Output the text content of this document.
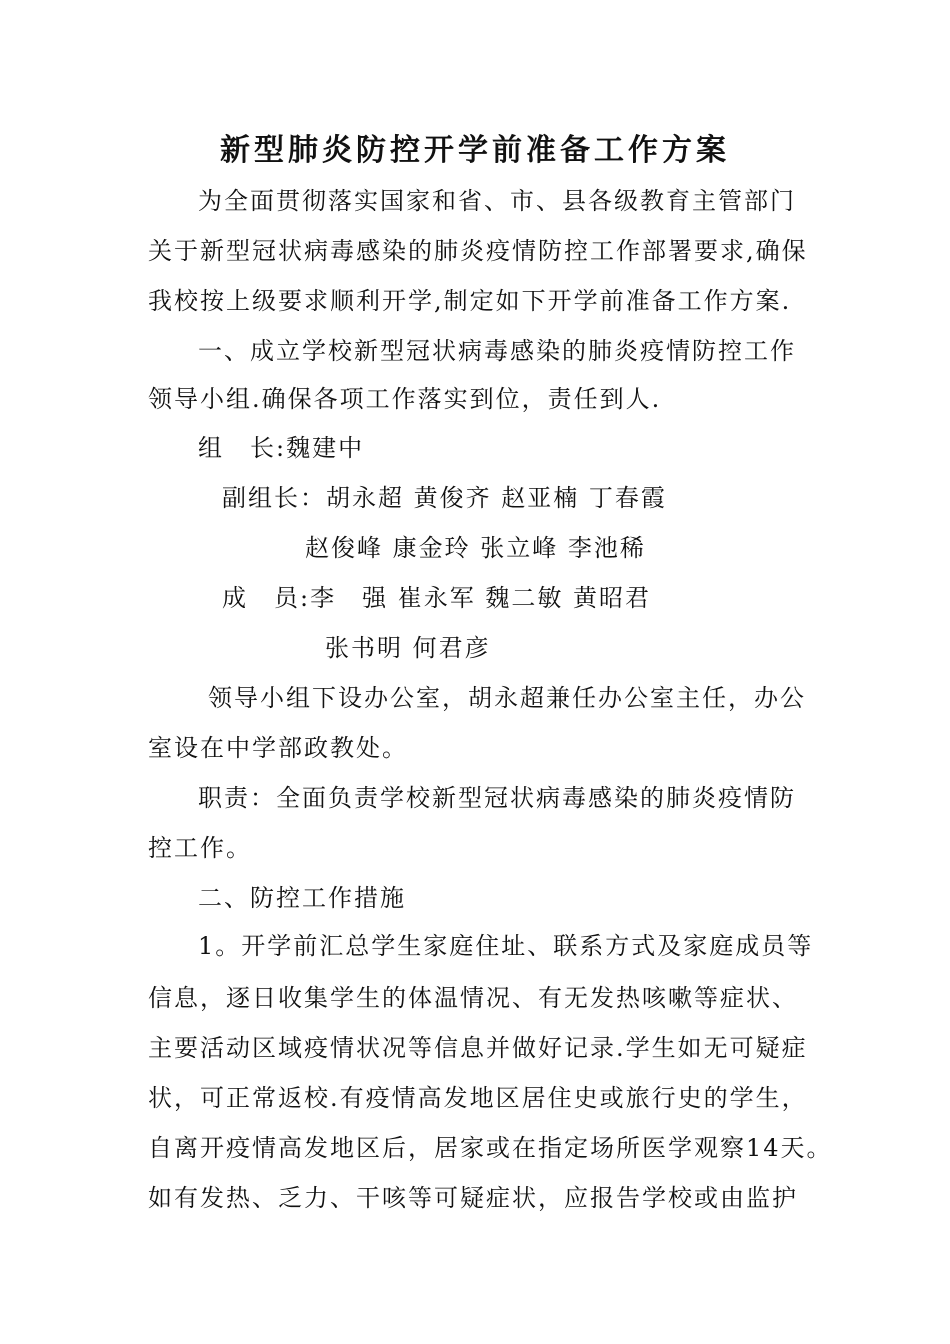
新型肺炎防控开学前准备工作方案
为全面贯彻落实国家和省、市、县各级教育主管部门
关于新型冠状病毒感染的肺炎疫情防控工作部署要求,确保
我校按上级要求顺利开学,制定如下开学前准备工作方案.
一、成立学校新型冠状病毒感染的肺炎疫情防控工作
领导小组.确保各项工作落实到位，责任到人.
组　长:魏建中
副组长：胡永超 黄俊齐 赵亚楠 丁春霞
赵俊峰 康金玲 张立峰 李池稀
成　员:李　强 崔永军 魏二敏 黄昭君
张书明 何君彦
领导小组下设办公室，胡永超兼任办公室主任，办公
室设在中学部政教处。
职责：全面负责学校新型冠状病毒感染的肺炎疫情防
控工作。
二、防控工作措施
1。开学前汇总学生家庭住址、联系方式及家庭成员等
信息，逐日收集学生的体温情况、有无发热咳嗽等症状、
主要活动区域疫情状况等信息并做好记录.学生如无可疑症
状，可正常返校.有疫情高发地区居住史或旅行史的学生，
自离开疫情高发地区后，居家或在指定场所医学观察14天。
如有发热、乏力、干咳等可疑症状，应报告学校或由监护
